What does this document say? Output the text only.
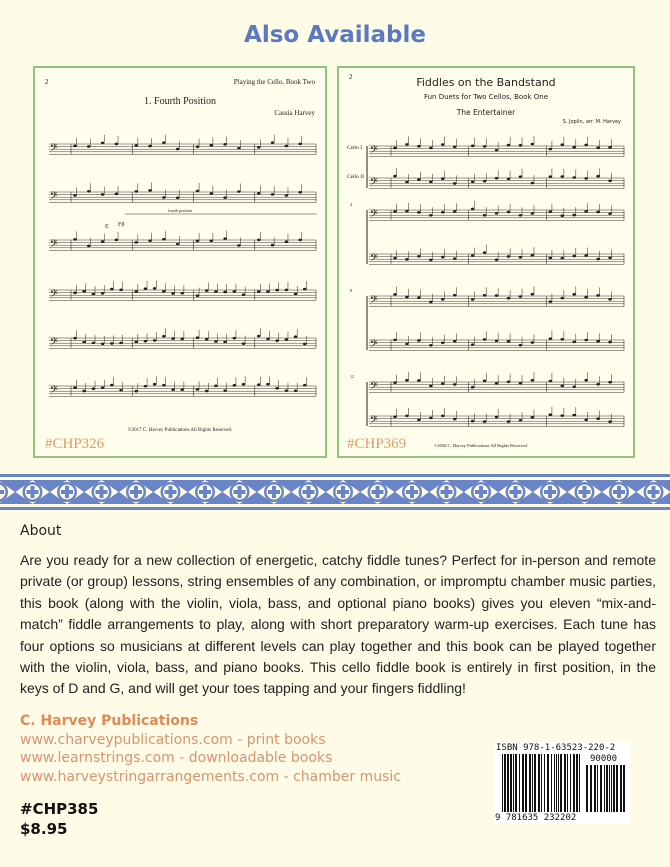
Also Available
𝄢
𝄢
𝄢
𝄢
𝄢
𝄢
2	Playing the Cello, Book Two
1. Fourth Position
Cassia Harvey
fourth position
E F♯
©2017 C. Harvey Publications All Rights Reserved.
#CHP326
𝄢
𝄢
𝄢
𝄢
𝄢
𝄢
𝄢
𝄢
2	Fiddles on the Bandstand
Fun Duets for Two Cellos, Book One
The Entertainer
S. Joplin, arr. M. Harvey
Cello I
Cello II
4
8
12
©2020 C. Harvey Publications All Rights Reserved.
#CHP369
About
Are you ready for a new collection of energetic, catchy fiddle tunes? Perfect for in-person and remote private (or group) lessons, string ensembles of any combination, or impromptu chamber music parties, this book (along with the violin, viola, bass, and optional piano books) gives you eleven “mix-and-match” fiddle arrangements to play, along with short preparatory warm-up exercises. Each tune has four options so musicians at different levels can play together and this book can be played together with the violin, viola, bass, and piano books. This cello fiddle book is entirely in first position, in the keys of D and G, and will get your toes tapping and your fingers fiddling!
C. Harvey Publications
www.charveypublications.com - print books
www.learnstrings.com - downloadable books
www.harveystringarrangements.com - chamber music
#CHP385
$8.95
ISBN 978-1-63523-220-2
90000
9 781635 232202
